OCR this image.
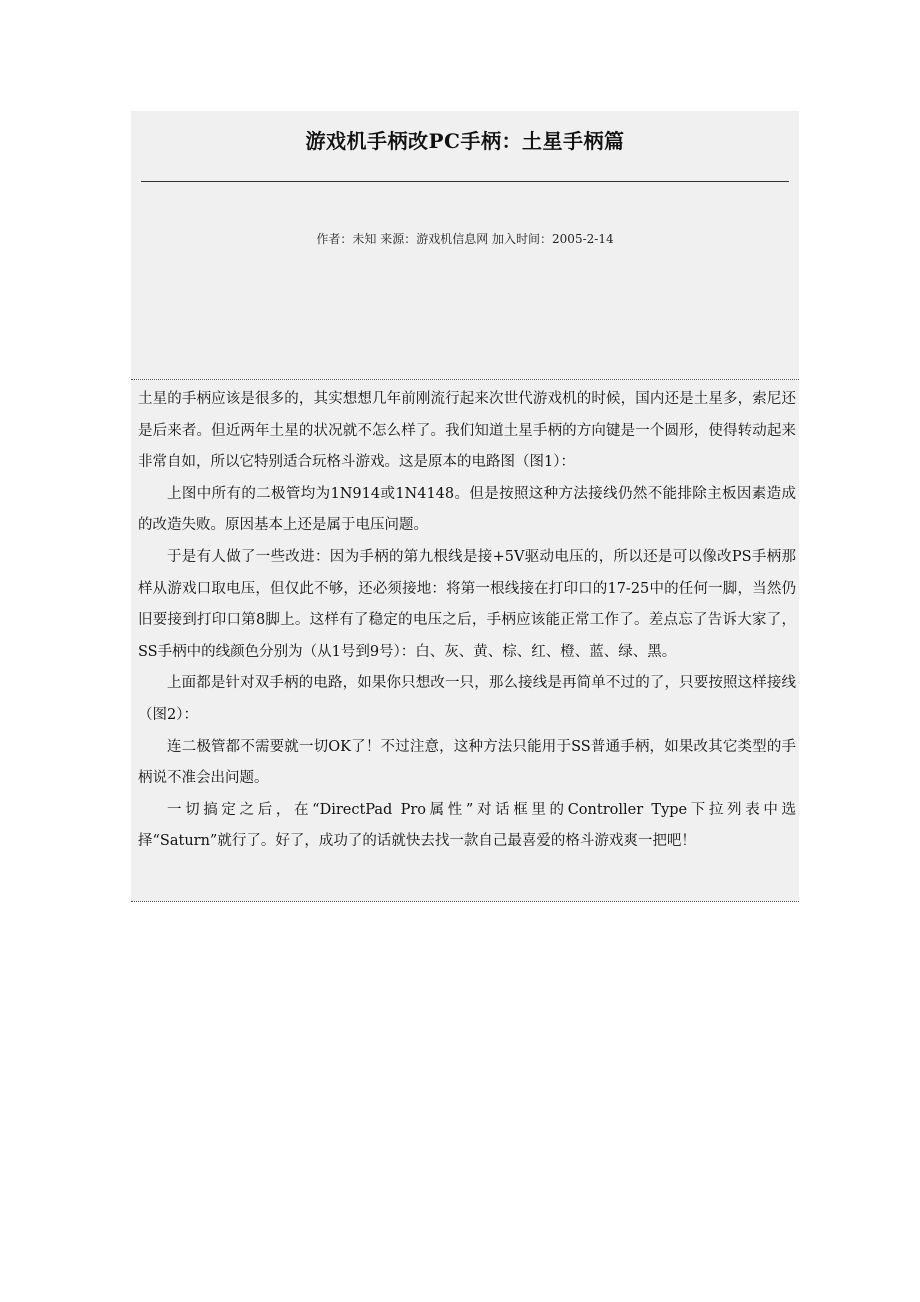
游戏机手柄改PC手柄：土星手柄篇
作者：未知 来源：游戏机信息网 加入时间：2005-2-14

土星的手柄应该是很多的，其实想想几年前刚流行起来次世代游戏机的时候，国内还是土星多，索尼还是后来者。但近两年土星的状况就不怎么样了。我们知道土星手柄的方向键是一个圆形，使得转动起来非常自如，所以它特别适合玩格斗游戏。这是原本的电路图（图1）：

上图中所有的二极管均为1N914或1N4148。但是按照这种方法接线仍然不能排除主板因素造成的改造失败。原因基本上还是属于电压问题。

于是有人做了一些改进：因为手柄的第九根线是接+5V驱动电压的，所以还是可以像改PS手柄那样从游戏口取电压，但仅此不够，还必须接地：将第一根线接在打印口的17-25中的任何一脚，当然仍旧要接到打印口第8脚上。这样有了稳定的电压之后，手柄应该能正常工作了。差点忘了告诉大家了，SS手柄中的线颜色分别为（从1号到9号）：白、灰、黄、棕、红、橙、蓝、绿、黑。

上面都是针对双手柄的电路，如果你只想改一只，那么接线是再简单不过的了，只要按照这样接线（图2）：

连二极管都不需要就一切OK了！不过注意，这种方法只能用于SS普通手柄，如果改其它类型的手柄说不准会出问题。

一切搞定之后，在“DirectPad Pro属性”对话框里的Controller Type下拉列表中选择“Saturn”就行了。好了，成功了的话就快去找一款自己最喜爱的格斗游戏爽一把吧！
